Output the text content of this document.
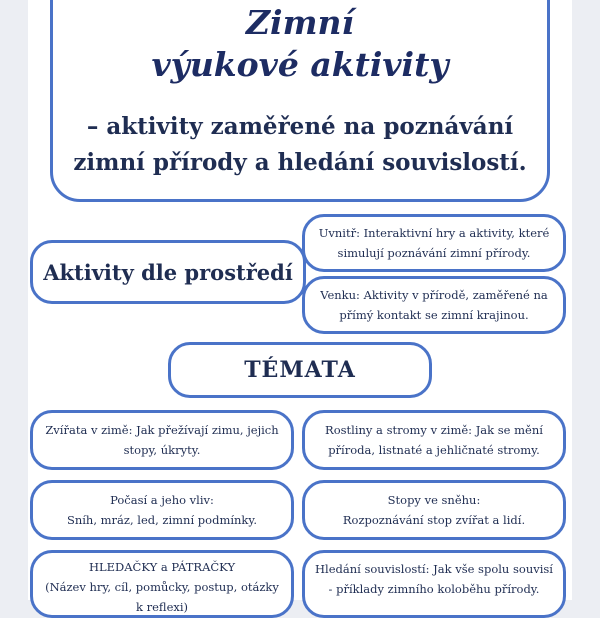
Zimní
výukové aktivity
– aktivity zaměřené na poznávání
zimní přírody a hledání souvislostí.
Aktivity dle prostředí
Uvnitř: Interaktivní hry a aktivity, které
simulují poznávání zimní přírody.
Venku: Aktivity v přírodě, zaměřené na
přímý kontakt se zimní krajinou.
TÉMATA
Zvířata v zimě: Jak přežívají zimu, jejich
stopy, úkryty.
Rostliny a stromy v zimě: Jak se mění
příroda, listnaté a jehličnaté stromy.
Počasí a jeho vliv:
Sníh, mráz, led, zimní podmínky.
Stopy ve sněhu:
Rozpoznávání stop zvířat a lidí.
HLEDAČKY a PÁTRAČKY
(Název hry, cíl, pomůcky, postup, otázky
k reflexi)
Hledání souvislostí: Jak vše spolu souvisí
- příklady zimního koloběhu přírody.
